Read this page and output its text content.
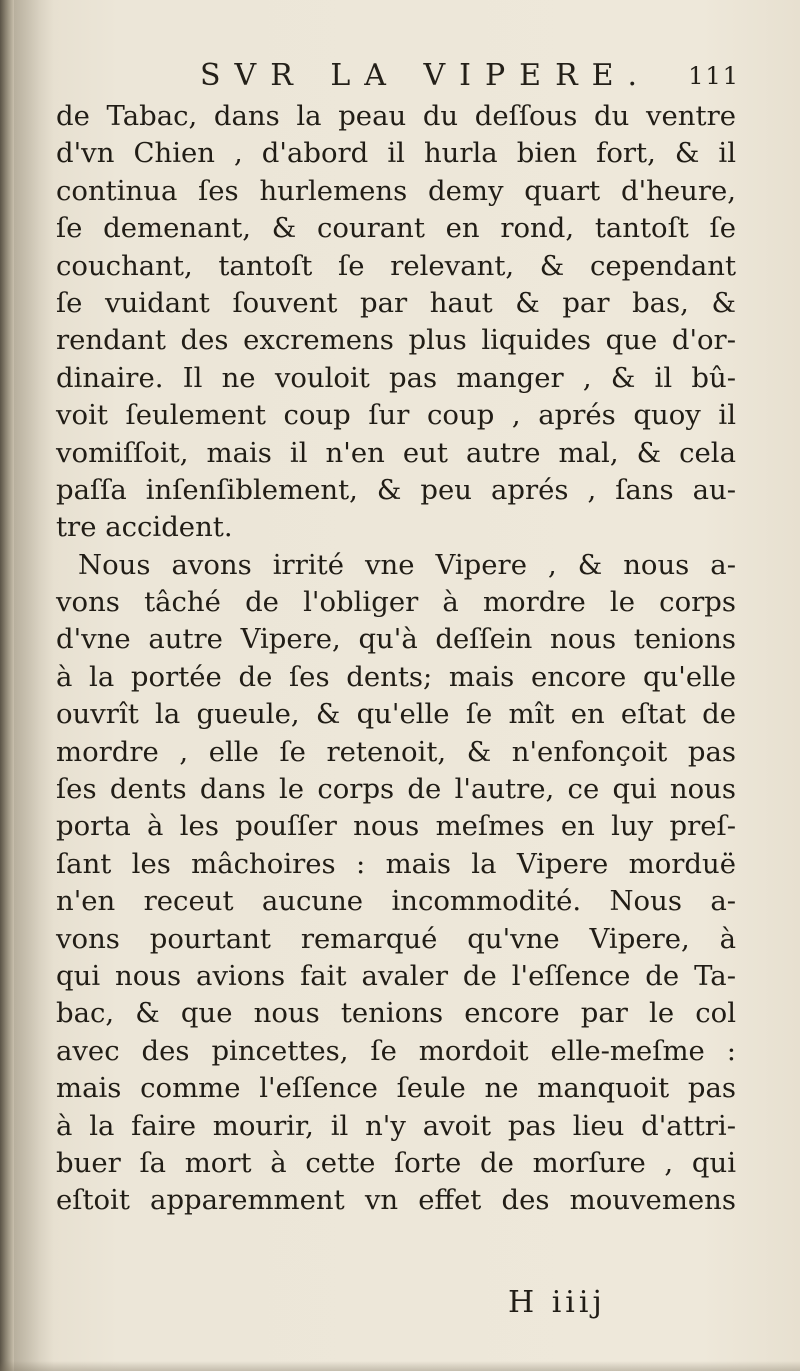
SVR LA VIPERE. 111
de Tabac, dans la peau du deſſous du ventre
d'vn Chien , d'abord il hurla bien fort, & il
continua ſes hurlemens demy quart d'heure,
ſe demenant, & courant en rond, tantoſt ſe
couchant, tantoſt ſe relevant, & cependant
ſe vuidant ſouvent par haut & par bas, &
rendant des excremens plus liquides que d'or-
dinaire. Il ne vouloit pas manger , & il bû-
voit ſeulement coup ſur coup , aprés quoy il
vomiſſoit, mais il n'en eut autre mal, & cela
paſſa inſenſiblement, & peu aprés , ſans au-
tre accident.
Nous avons irrité vne Vipere , & nous a-
vons tâché de l'obliger à mordre le corps
d'vne autre Vipere, qu'à deſſein nous tenions
à la portée de ſes dents; mais encore qu'elle
ouvrît la gueule, & qu'elle ſe mît en eſtat de
mordre , elle ſe retenoit, & n'enfonçoit pas
ſes dents dans le corps de l'autre, ce qui nous
porta à les pouſſer nous meſmes en luy preſ-
ſant les mâchoires : mais la Vipere morduë
n'en receut aucune incommodité. Nous a-
vons pourtant remarqué qu'vne Vipere, à
qui nous avions fait avaler de l'eſſence de Ta-
bac, & que nous tenions encore par le col
avec des pincettes, ſe mordoit elle-meſme :
mais comme l'eſſence ſeule ne manquoit pas
à la faire mourir, il n'y avoit pas lieu d'attri-
buer ſa mort à cette ſorte de morſure , qui
eſtoit apparemment vn effet des mouvemens
H iiij
